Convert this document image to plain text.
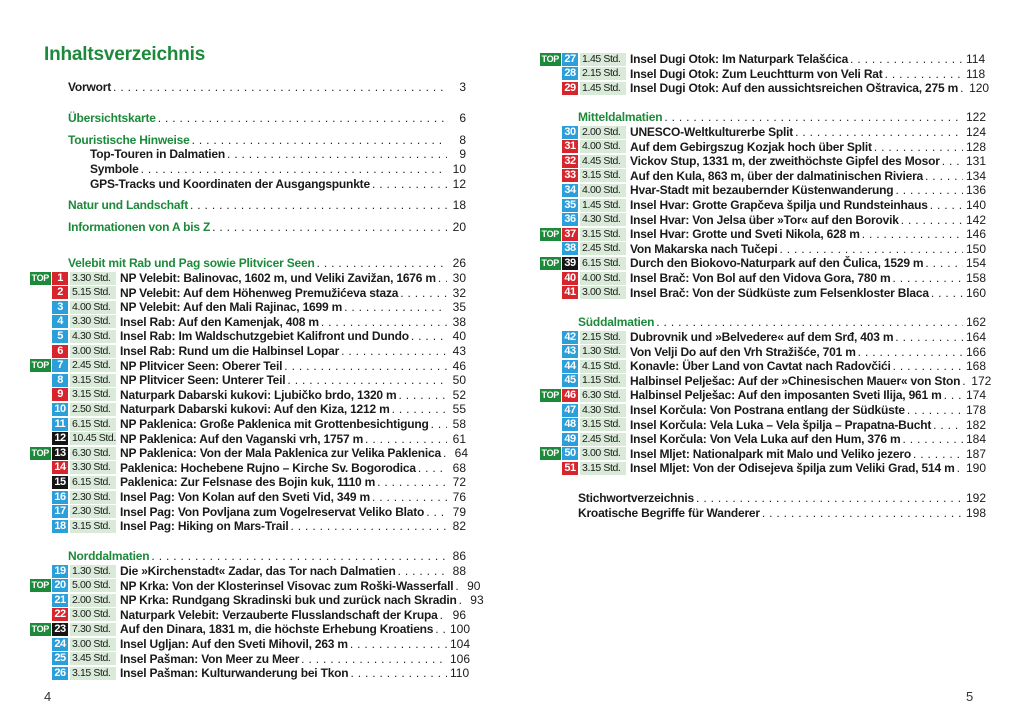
Inhaltsverzeichnis
Vorwort . . .	3
Übersichtskarte . . .	6
Touristische Hinweise . . .	8
Top-Touren in Dalmatien . . .	9
Symbole . . .	10
GPS-Tracks und Koordinaten der Ausgangspunkte . . .	12
Natur und Landschaft . . .	18
Informationen von A bis Z . . .	20
Velebit mit Rab und Pag sowie Plitvicer Seen . . .	26
TOP 1 3.30 Std. NP Velebit: Balinovac, 1602 m, und Veliki Zavižan, 1676 m . . .	30
2 5.15 Std. NP Velebit: Auf dem Höhenweg Premužićeva staza . . .	32
3 4.00 Std. NP Velebit: Auf den Mali Rajinac, 1699 m . . .	35
4 3.30 Std. Insel Rab: Auf den Kamenjak, 408 m . . .	38
5 4.30 Std. Insel Rab: Im Waldschutzgebiet Kalifront und Dundo . . .	40
6 3.00 Std. Insel Rab: Rund um die Halbinsel Lopar . . .	43
TOP 7 2.45 Std. NP Plitvicer Seen: Oberer Teil . . .	46
8 3.15 Std. NP Plitvicer Seen: Unterer Teil . . .	50
9 3.15 Std. Naturpark Dabarski kukovi: Ljubičko brdo, 1320 m . . .	52
10 2.50 Std. Naturpark Dabarski kukovi: Auf den Kiza, 1212 m . . .	55
11 6.15 Std. NP Paklenica: Große Paklenica mit Grottenbesichtigung . . .	58
12 10.45 Std. NP Paklenica: Auf den Vaganski vrh, 1757 m . . .	61
TOP 13 6.30 Std. NP Paklenica: Von der Mala Paklenica zur Velika Paklenica . . .	64
14 3.30 Std. Paklenica: Hochebene Rujno – Kirche Sv. Bogorodica . . .	68
15 6.15 Std. Paklenica: Zur Felsnase des Bojin kuk, 1110 m . . .	72
16 2.30 Std. Insel Pag: Von Kolan auf den Sveti Vid, 349 m . . .	76
17 2.30 Std. Insel Pag: Von Povljana zum Vogelreservat Veliko Blato . . .	79
18 3.15 Std. Insel Pag: Hiking on Mars-Trail . . .	82
Norddalmatien . . .	86
19 1.30 Std. Die »Kirchenstadt« Zadar, das Tor nach Dalmatien . . .	88
TOP 20 5.00 Std. NP Krka: Von der Klosterinsel Visovac zum Roški-Wasserfall . . .	90
21 2.00 Std. NP Krka: Rundgang Skradinski buk und zurück nach Skradin . . .	93
22 3.00 Std. Naturpark Velebit: Verzauberte Flusslandschaft der Krupa . . .	96
TOP 23 7.30 Std. Auf den Dinara, 1831 m, die höchste Erhebung Kroatiens . . . 100
24 3.00 Std. Insel Ugljan: Auf den Sveti Mihovil, 263 m . . .	104
25 3.45 Std. Insel Pašman: Von Meer zu Meer . . .	106
26 3.15 Std. Insel Pašman: Kulturwanderung bei Tkon . . .	110
4
TOP 27 1.45 Std. Insel Dugi Otok: Im Naturpark Telašćica . . .	114
28 2.15 Std. Insel Dugi Otok: Zum Leuchtturm von Veli Rat . . .	118
29 1.45 Std. Insel Dugi Otok: Auf den aussichtsreichen Oštravica, 275 m . . . 120
Mitteldalmatien . . .	122
30 2.00 Std. UNESCO-Weltkulturerbe Split . . .	124
31 4.00 Std. Auf dem Gebirgszug Kozjak hoch über Split . . .	128
32 4.45 Std. Vickov Stup, 1331 m, der zweithöchste Gipfel des Mosor . . . 131
33 3.15 Std. Auf den Kula, 863 m, über der dalmatinischen Riviera . . .	134
34 4.00 Std. Hvar-Stadt mit bezaubernder Küstenwanderung . . .	136
35 1.45 Std. Insel Hvar: Grotte Grapčeva špilja und Rundsteinhaus . . .	140
36 4.30 Std. Insel Hvar: Von Jelsa über »Tor« auf den Borovik . . .	142
TOP 37 3.15 Std. Insel Hvar: Grotte und Sveti Nikola, 628 m . . .	146
38 2.45 Std. Von Makarska nach Tučepi . . .	150
TOP 39 6.15 Std. Durch den Biokovo-Naturpark auf den Čulica, 1529 m . . .	154
40 4.00 Std. Insel Brač: Von Bol auf den Vidova Gora, 780 m . . .	158
41 3.00 Std. Insel Brač: Von der Südküste zum Felsenkloster Blaca . . .	160
Süddalmatien . . .	162
42 2.15 Std. Dubrovnik und »Belvedere« auf dem Srđ, 403 m . . .	164
43 1.30 Std. Von Velji Do auf den Vrh Stražišće, 701 m . . .	166
44 4.15 Std. Konavle: Über Land von Cavtat nach Radovčići . . .	168
45 1.15 Std. Halbinsel Pelješac: Auf der »Chinesischen Mauer« von Ston . . . 172
TOP 46 6.30 Std. Halbinsel Pelješac: Auf den imposanten Sveti Ilija, 961 m . . . 174
47 4.30 Std. Insel Korčula: Von Postrana entlang der Südküste . . .	178
48 3.15 Std. Insel Korčula: Vela Luka – Vela špilja – Prapatna-Bucht . . .	182
49 2.45 Std. Insel Korčula: Von Vela Luka auf den Hum, 376 m . . .	184
TOP 50 3.00 Std. Insel Mljet: Nationalpark mit Malo und Veliko jezero . . .	187
51 3.15 Std. Insel Mljet: Von der Odisejeva špilja zum Veliki Grad, 514 m . . . 190
Stichwortverzeichnis . . .	192
Kroatische Begriffe für Wanderer . . .	198
5
